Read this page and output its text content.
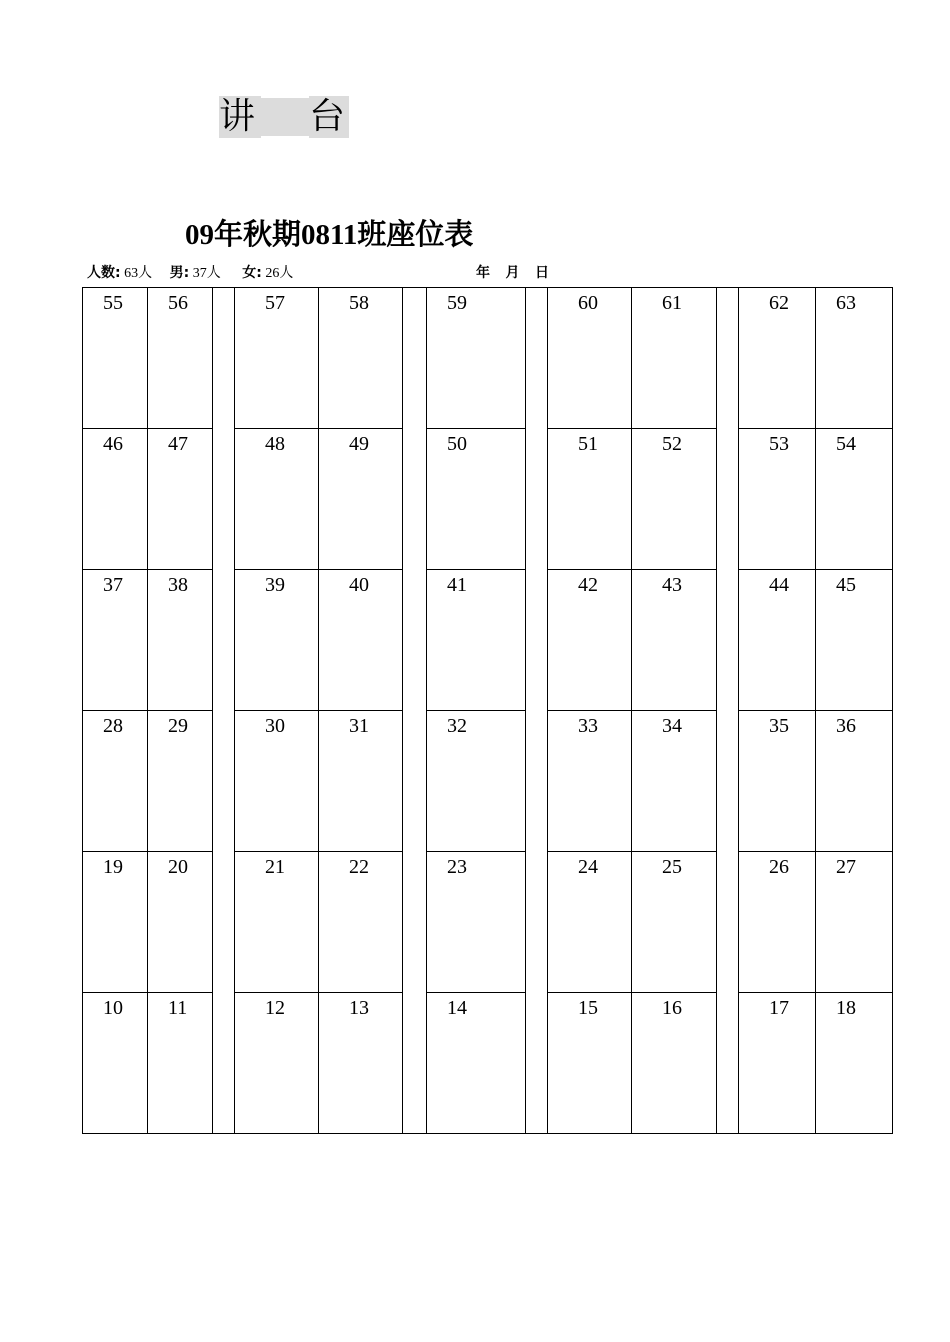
讲 台
09年秋期0811班座位表
人数: 63人 男: 37人 女: 26人	年 月 日
55	56		57	58		59		60	61		62	63

46	47		48	49		50		51	52		53	54

37	38		39	40		41		42	43		44	45

28	29		30	31		32		33	34		35	36

19	20		21	22		23		24	25		26	27

10	11		12	13		14		15	16		17	18
